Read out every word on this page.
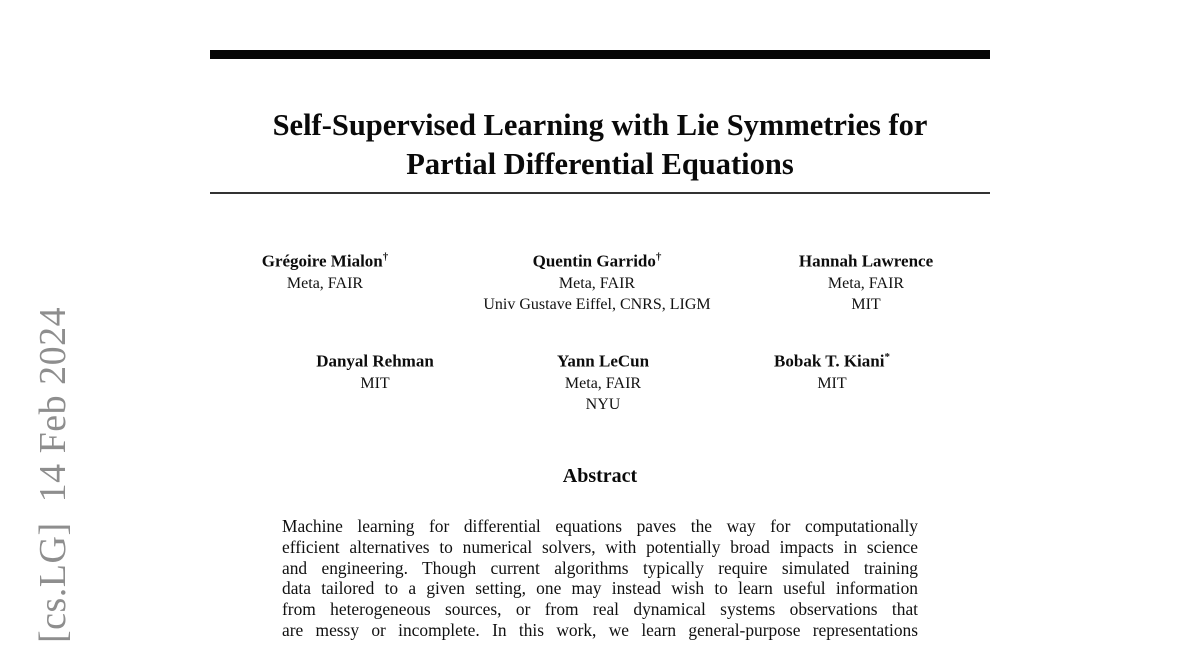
[cs.LG]  14 Feb 2024
Self-Supervised Learning with Lie Symmetries for
Partial Differential Equations
Grégoire Mialon†
Meta, FAIR
Quentin Garrido†
Meta, FAIR
Univ Gustave Eiffel, CNRS, LIGM
Hannah Lawrence
Meta, FAIR
MIT
Danyal Rehman
MIT
Yann LeCun
Meta, FAIR
NYU
Bobak T. Kiani*
MIT
Abstract
Machine learning for differential equations paves the way for computationally
efficient alternatives to numerical solvers, with potentially broad impacts in science
and engineering. Though current algorithms typically require simulated training
data tailored to a given setting, one may instead wish to learn useful information
from heterogeneous sources, or from real dynamical systems observations that
are messy or incomplete. In this work, we learn general-purpose representations
